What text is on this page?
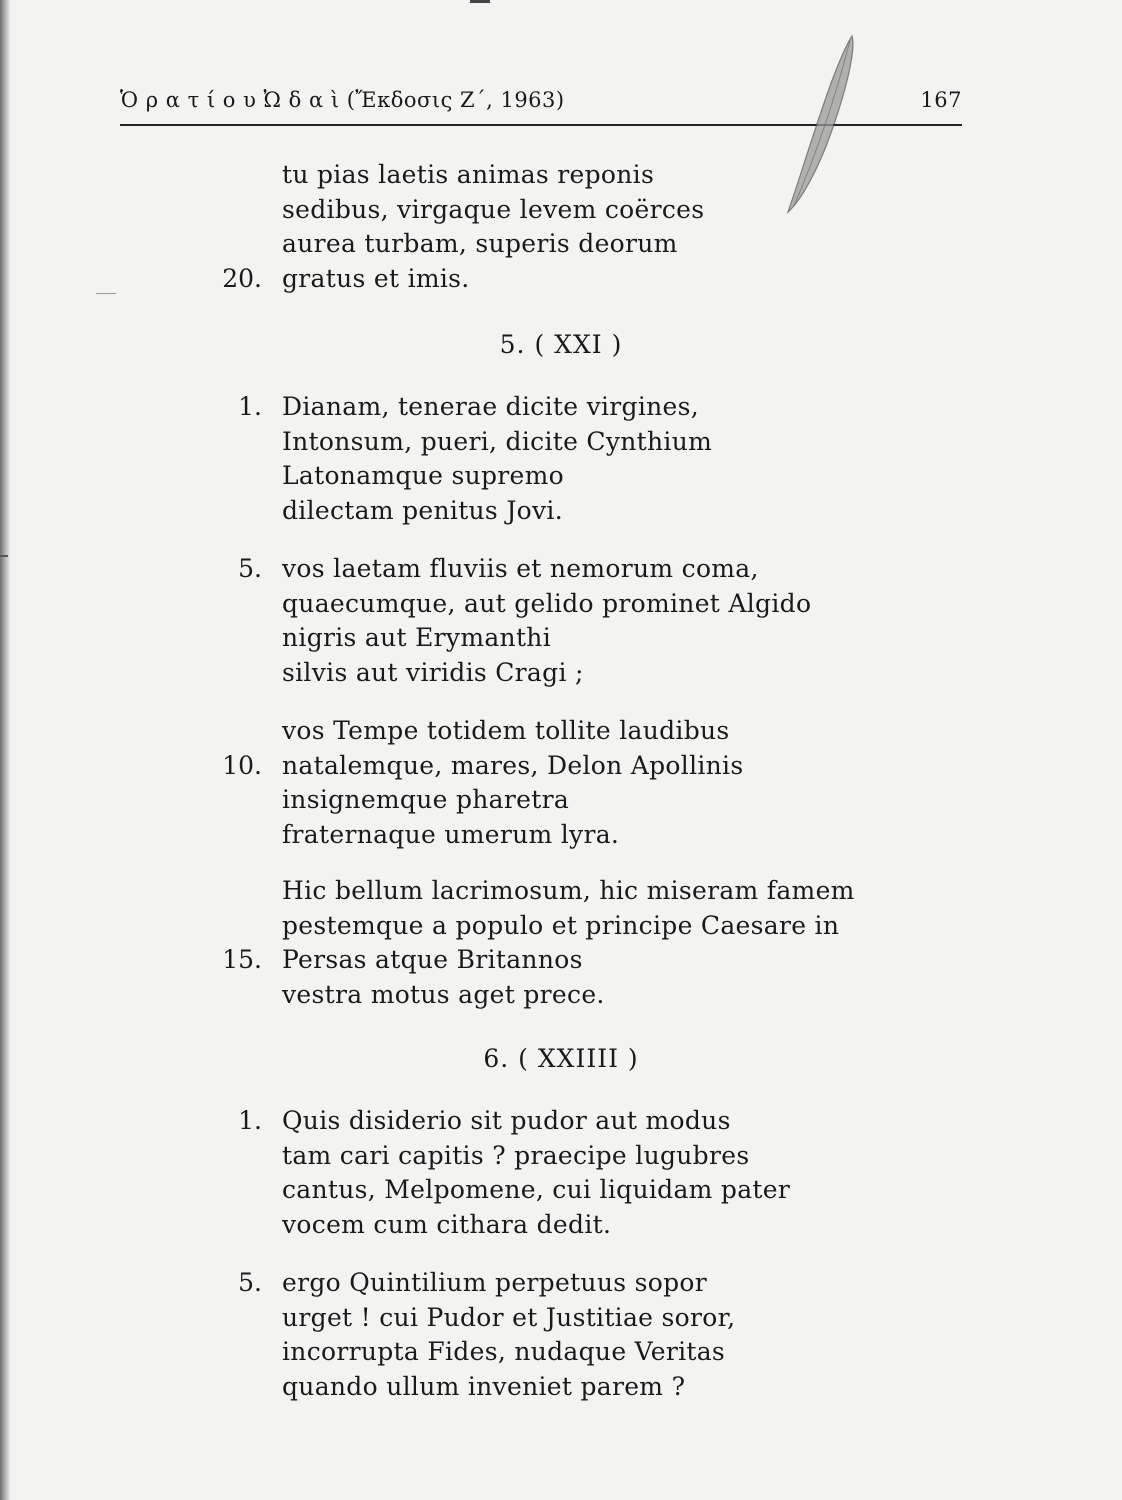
Ὁ ρ α τ ί ο υ Ὠ δ α ὶ (Ἔκδοσις Ζ΄, 1963)	167
tu pias laetis animas reponis
sedibus, virgaque levem coërces
aurea turbam, superis deorum
gratus et imis.
20.
5. ( XXI )
Dianam, tenerae dicite virgines,
1.
Intonsum, pueri, dicite Cynthium
Latonamque supremo
dilectam penitus Jovi.
vos laetam fluviis et nemorum coma,
5.
quaecumque, aut gelido prominet Algido
nigris aut Erymanthi
silvis aut viridis Cragi ;
vos Tempe totidem tollite laudibus
natalemque, mares, Delon Apollinis
10.
insignemque pharetra
fraternaque umerum lyra.
Hic bellum lacrimosum, hic miseram famem
pestemque a populo et principe Caesare in
Persas atque Britannos
15.
vestra motus aget prece.
6. ( XXIIII )
Quis disiderio sit pudor aut modus
1.
tam cari capitis ? praecipe lugubres
cantus, Melpomene, cui liquidam pater
vocem cum cithara dedit.
ergo Quintilium perpetuus sopor
5.
urget ! cui Pudor et Justitiae soror,
incorrupta Fides, nudaque Veritas
quando ullum inveniet parem ?
